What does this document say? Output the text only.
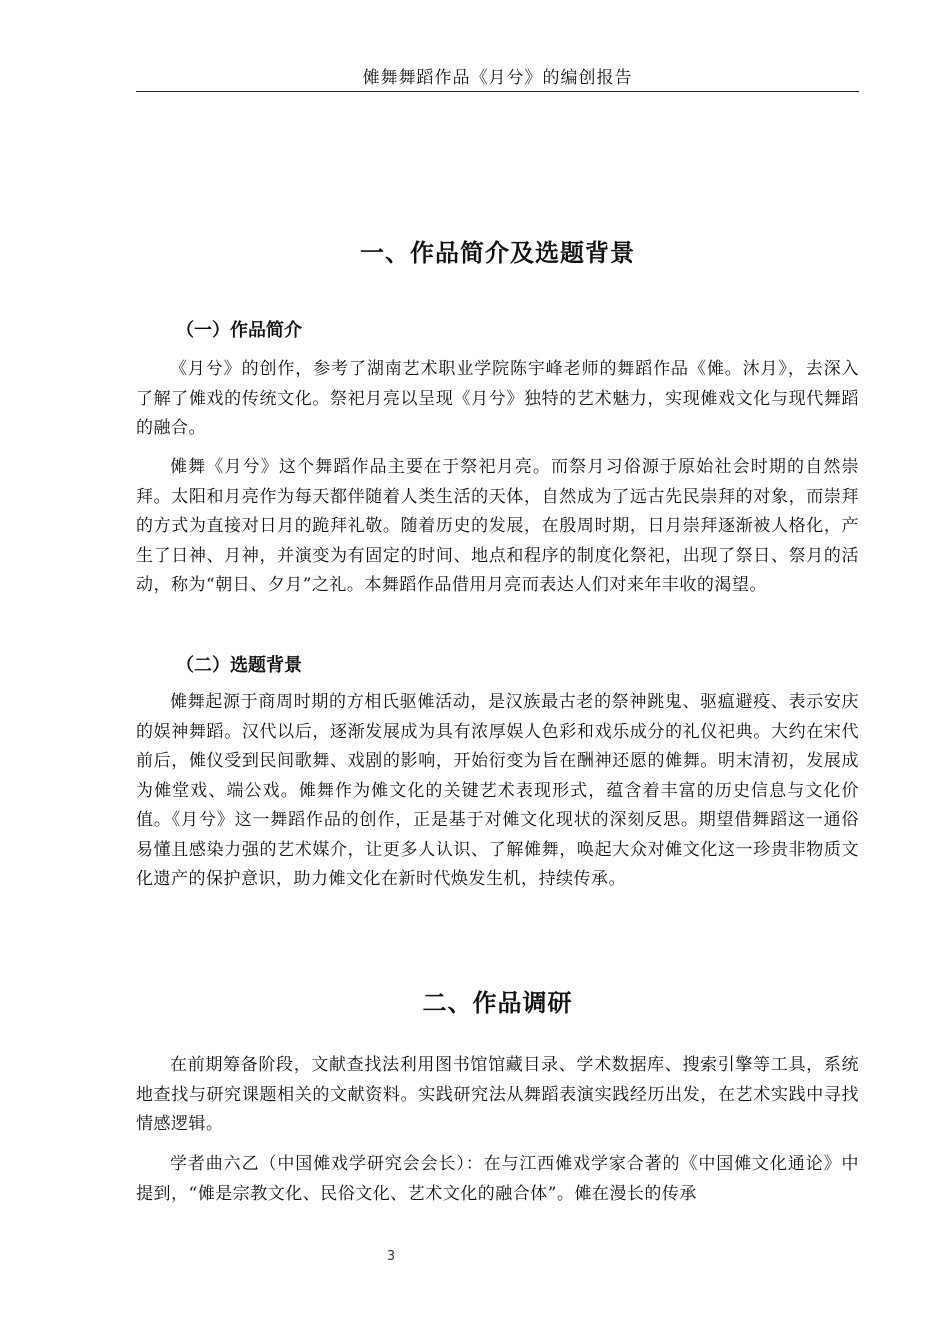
傩舞舞蹈作品《月兮》的编创报告
一、作品简介及选题背景
（一）作品简介

《月兮》的创作，参考了湖南艺术职业学院陈宇峰老师的舞蹈作品《傩。沐月》，去深入了解了傩戏的传统文化。祭祀月亮以呈现《月兮》独特的艺术魅力，实现傩戏文化与现代舞蹈的融合。

傩舞《月兮》这个舞蹈作品主要在于祭祀月亮。而祭月习俗源于原始社会时期的自然崇拜。太阳和月亮作为每天都伴随着人类生活的天体，自然成为了远古先民崇拜的对象，而崇拜的方式为直接对日月的跪拜礼敬。随着历史的发展，在殷周时期，日月崇拜逐渐被人格化，产生了日神、月神，并演变为有固定的时间、地点和程序的制度化祭祀，出现了祭日、祭月的活动，称为“朝日、夕月”之礼。本舞蹈作品借用月亮而表达人们对来年丰收的渴望。

（二）选题背景

傩舞起源于商周时期的方相氏驱傩活动，是汉族最古老的祭神跳鬼、驱瘟避疫、表示安庆的娱神舞蹈。汉代以后，逐渐发展成为具有浓厚娱人色彩和戏乐成分的礼仪祀典。大约在宋代前后，傩仪受到民间歌舞、戏剧的影响，开始衍变为旨在酬神还愿的傩舞。明末清初，发展成为傩堂戏、端公戏。傩舞作为傩文化的关键艺术表现形式，蕴含着丰富的历史信息与文化价值。《月兮》这一舞蹈作品的创作，正是基于对傩文化现状的深刻反思。期望借舞蹈这一通俗易懂且感染力强的艺术媒介，让更多人认识、了解傩舞，唤起大众对傩文化这一珍贵非物质文化遗产的保护意识，助力傩文化在新时代焕发生机，持续传承。

二、作品调研

在前期筹备阶段，文献查找法利用图书馆馆藏目录、学术数据库、搜索引擎等工具，系统地查找与研究课题相关的文献资料。实践研究法从舞蹈表演实践经历出发，在艺术实践中寻找情感逻辑。

学者曲六乙（中国傩戏学研究会会长）：在与江西傩戏学家合著的《中国傩文化通论》中提到，“傩是宗教文化、民俗文化、艺术文化的融合体”。傩在漫长的传承

3
